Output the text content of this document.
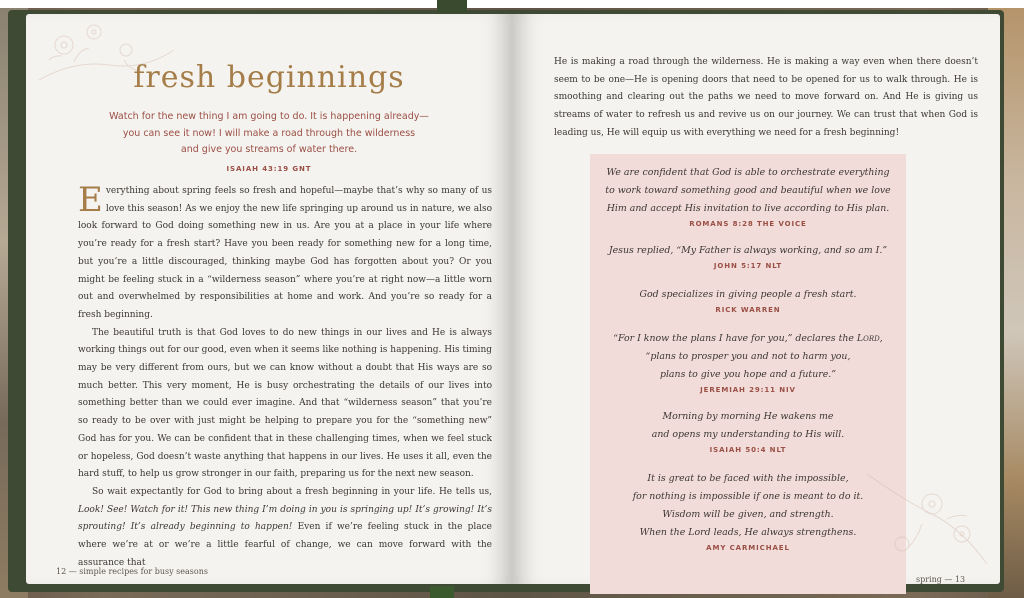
fresh beginnings
Watch for the new thing I am going to do. It is happening already—
you can see it now! I will make a road through the wilderness
and give you streams of water there.
ISAIAH 43:19 GNT

Everything about spring feels so fresh and hopeful—maybe that’s why so many of us love this season! As we enjoy the new life springing up around us in nature, we also look forward to God doing something new in us. Are you at a place in your life where you’re ready for a fresh start? Have you been ready for something new for a long time, but you’re a little discouraged, thinking maybe God has forgotten about you? Or you might be feeling stuck in a “wilderness season” where you’re at right now—a little worn out and overwhelmed by responsibilities at home and work. And you’re so ready for a fresh beginning.

The beautiful truth is that God loves to do new things in our lives and He is always working things out for our good, even when it seems like nothing is happening. His timing may be very different from ours, but we can know without a doubt that His ways are so much better. This very moment, He is busy orchestrating the details of our lives into something better than we could ever imagine. And that “wilderness season” that you’re so ready to be over with just might be helping to prepare you for the “something new” God has for you. We can be confident that in these challenging times, when we feel stuck or hopeless, God doesn’t waste anything that happens in our lives. He uses it all, even the hard stuff, to help us grow stronger in our faith, preparing us for the next new season.

So wait expectantly for God to bring about a fresh beginning in your life. He tells us, Look! See! Watch for it! This new thing I’m doing in you is springing up! It’s growing! It’s sprouting! It’s already beginning to happen! Even if we’re feeling stuck in the place where we’re at or we’re a little fearful of change, we can move forward with the assurance that

12 — simple recipes for busy seasons

He is making a road through the wilderness. He is making a way even when there doesn’t seem to be one—He is opening doors that need to be opened for us to walk through. He is smoothing and clearing out the paths we need to move forward on. And He is giving us streams of water to refresh us and revive us on our journey. We can trust that when God is leading us, He will equip us with everything we need for a fresh beginning!

We are confident that God is able to orchestrate everything
to work toward something good and beautiful when we love
Him and accept His invitation to live according to His plan.
ROMANS 8:28 THE VOICE
Jesus replied, “My Father is always working, and so am I.”
JOHN 5:17 NLT
God specializes in giving people a fresh start.
RICK WARREN
“For I know the plans I have for you,” declares the Lord,
“plans to prosper you and not to harm you,
plans to give you hope and a future.”
JEREMIAH 29:11 NIV
Morning by morning He wakens me
and opens my understanding to His will.
ISAIAH 50:4 NLT
It is great to be faced with the impossible,
for nothing is impossible if one is meant to do it.
Wisdom will be given, and strength.
When the Lord leads, He always strengthens.
AMY CARMICHAEL
spring — 13
